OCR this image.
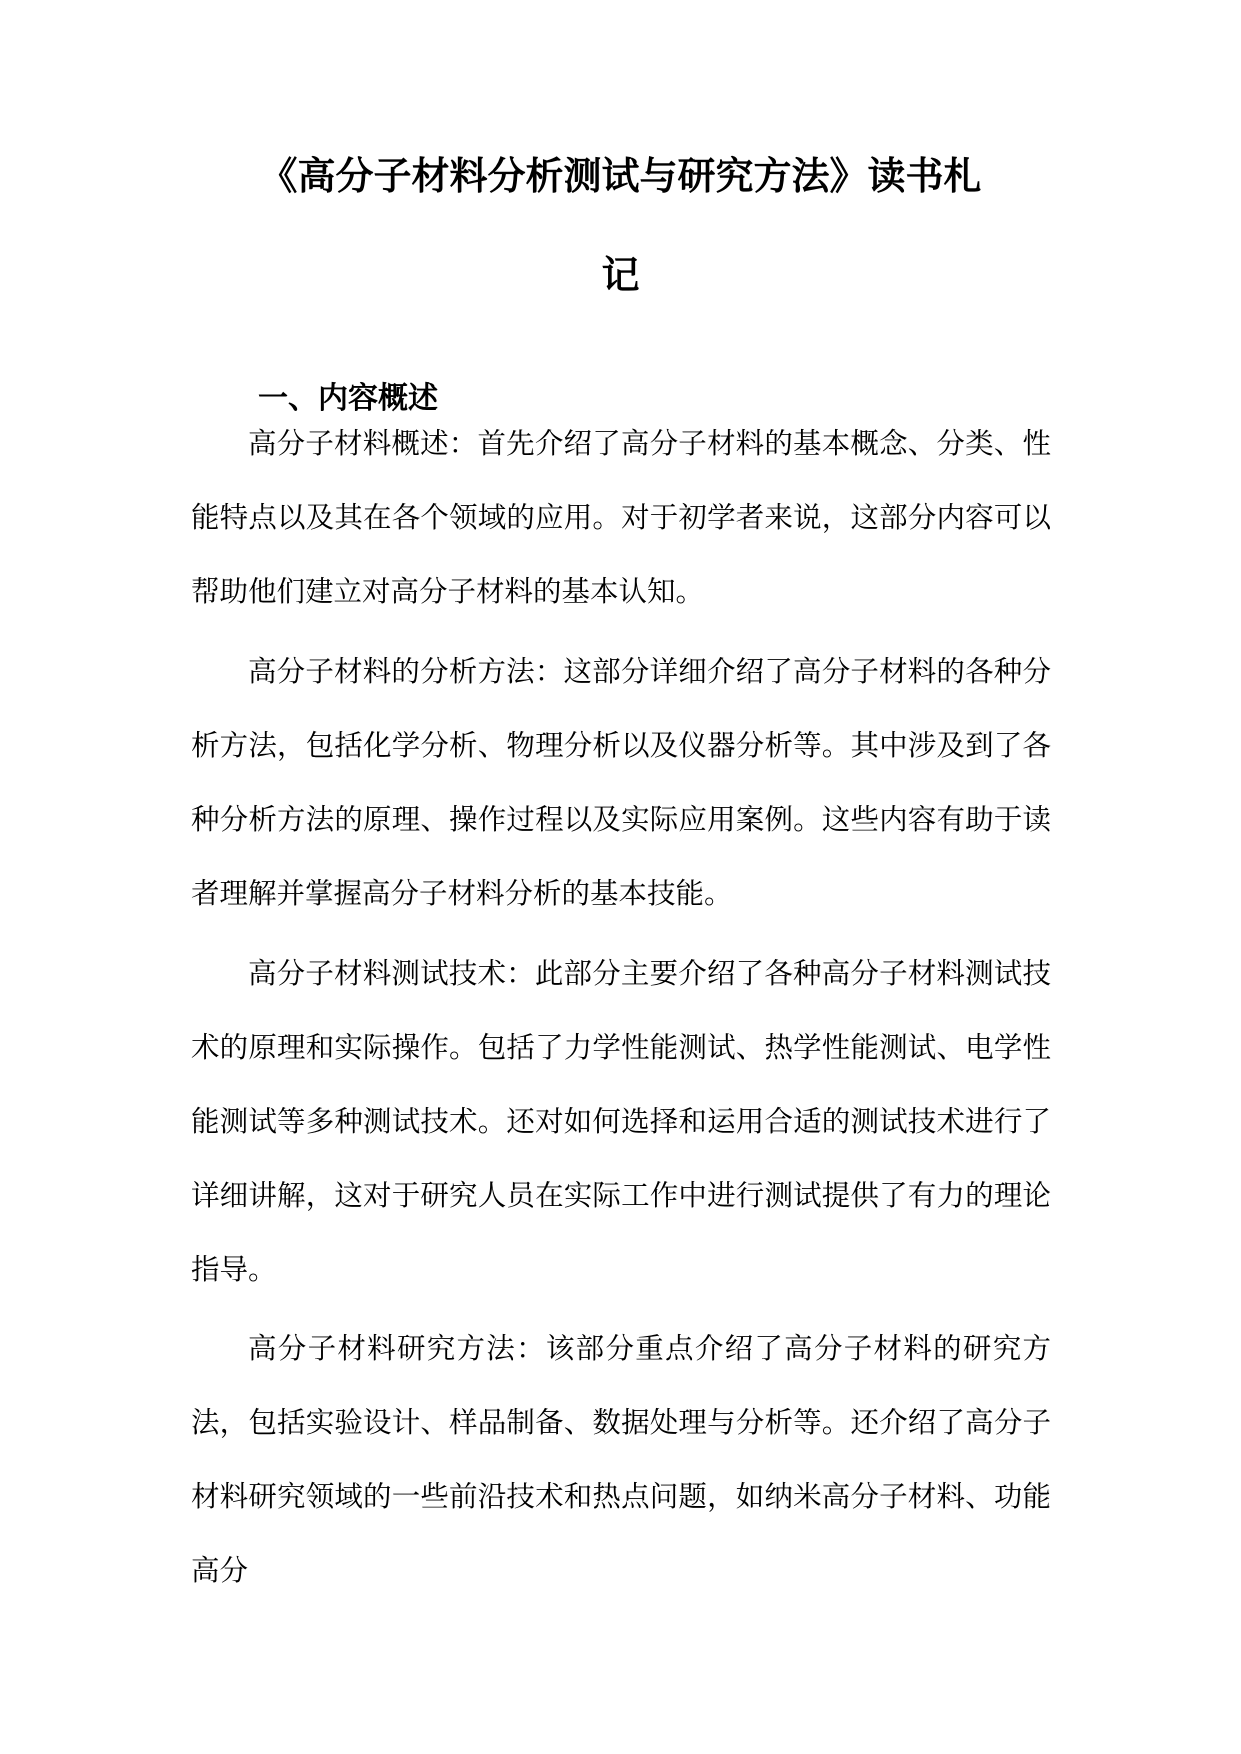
《高分子材料分析测试与研究方法》读书札
记
一、内容概述

高分子材料概述：首先介绍了高分子材料的基本概念、分类、性能特点以及其在各个领域的应用。对于初学者来说，这部分内容可以帮助他们建立对高分子材料的基本认知。

高分子材料的分析方法：这部分详细介绍了高分子材料的各种分析方法，包括化学分析、物理分析以及仪器分析等。其中涉及到了各种分析方法的原理、操作过程以及实际应用案例。这些内容有助于读者理解并掌握高分子材料分析的基本技能。

高分子材料测试技术：此部分主要介绍了各种高分子材料测试技术的原理和实际操作。包括了力学性能测试、热学性能测试、电学性能测试等多种测试技术。还对如何选择和运用合适的测试技术进行了详细讲解，这对于研究人员在实际工作中进行测试提供了有力的理论指导。

高分子材料研究方法：该部分重点介绍了高分子材料的研究方法，包括实验设计、样品制备、数据处理与分析等。还介绍了高分子材料研究领域的一些前沿技术和热点问题，如纳米高分子材料、功能高分
